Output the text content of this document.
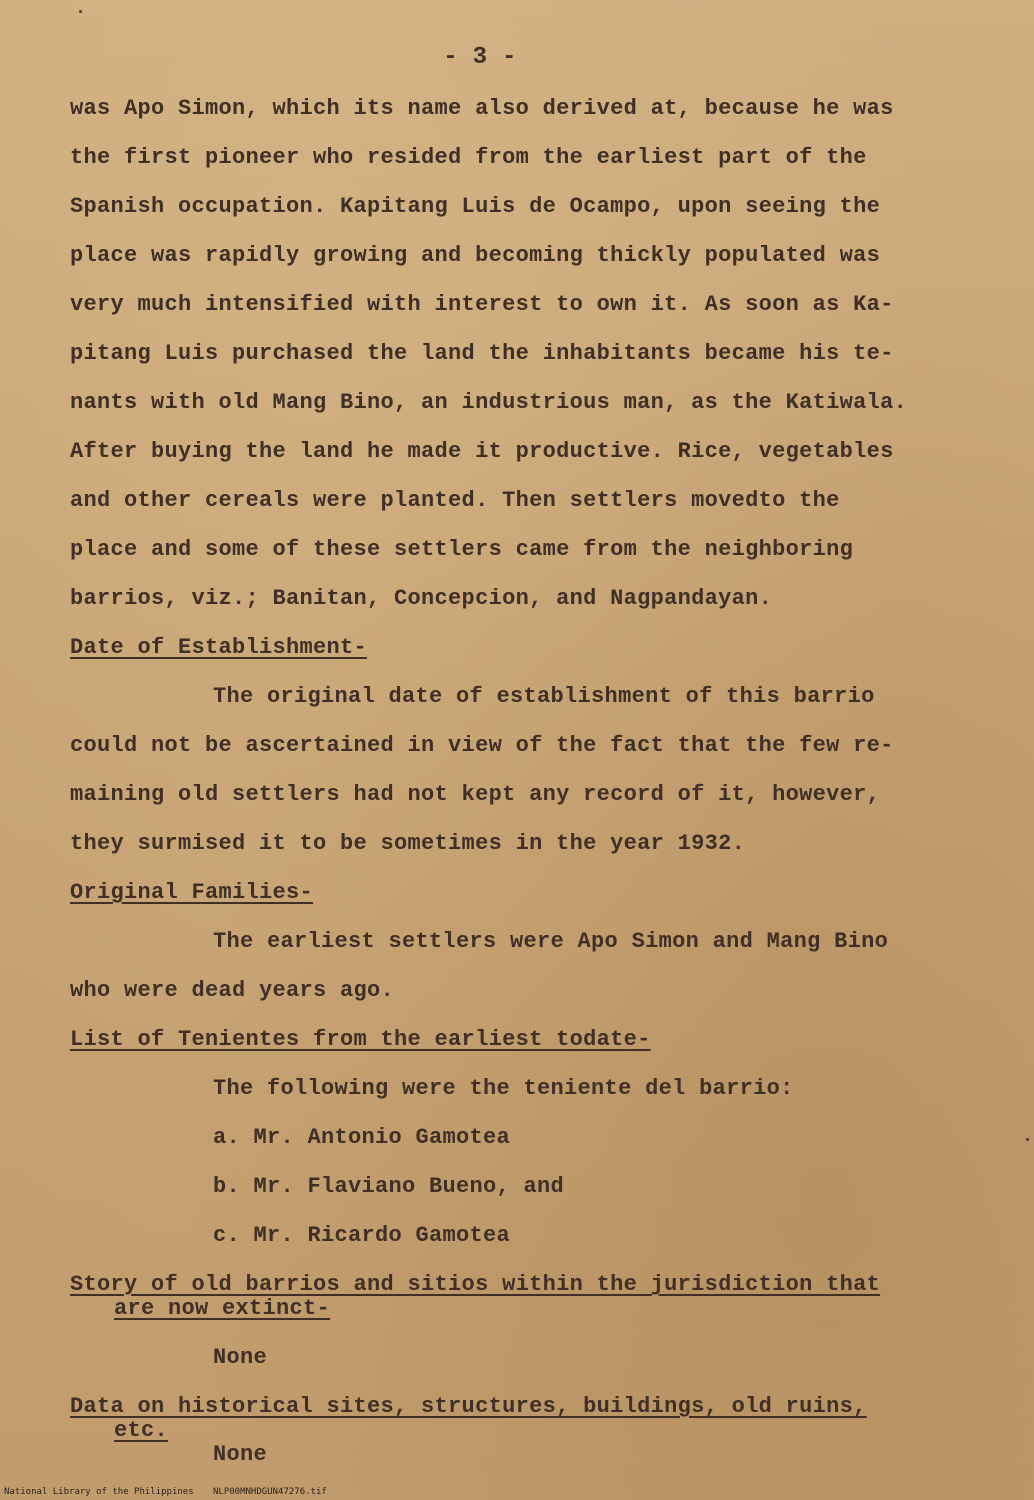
- 3 -
was Apo Simon, which its name also derived at, because he was
the first pioneer who resided from the earliest part of the
Spanish occupation. Kapitang Luis de Ocampo, upon seeing the
place was rapidly growing and becoming thickly populated was
very much intensified with interest to own it. As soon as Ka-
pitang Luis purchased the land the inhabitants became his te-
nants with old Mang Bino, an industrious man, as the Katiwala.
After buying the land he made it productive. Rice, vegetables
and other cereals were planted. Then settlers movedto the
place and some of these settlers came from the neighboring
barrios, viz.; Banitan, Concepcion, and Nagpandayan.
Date of Establishment-
The original date of establishment of this barrio
could not be ascertained in view of the fact that the few re-
maining old settlers had not kept any record of it, however,
they surmised it to be sometimes in the year 1932.
Original Families-
The earliest settlers were Apo Simon and Mang Bino
who were dead years ago.
List of Tenientes from the earliest todate-
The following were the teniente del barrio:
a. Mr. Antonio Gamotea
b. Mr. Flaviano Bueno, and
c. Mr. Ricardo Gamotea
Story of old barrios and sitios within the jurisdiction that
are now extinct-
None
Data on historical sites, structures, buildings, old ruins,
etc.
None
National Library of the Philippines NLP00MNHDGUN47276.tif
